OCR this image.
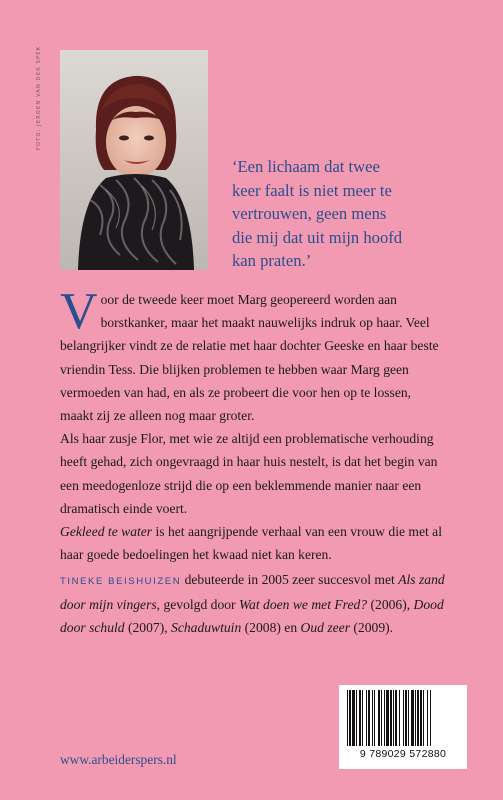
FOTO: JEROEN VAN DER SPEK
‘Een lichaam dat twee
keer faalt is niet meer te
vertrouwen, geen mens
die mij dat uit mijn hoofd
kan praten.’

Voor de tweede keer moet Marg geopereerd worden aan borstkanker, maar het maakt nauwelijks indruk op haar. Veel belangrijker vindt ze de relatie met haar dochter Geeske en haar beste vriendin Tess. Die blijken problemen te hebben waar Marg geen vermoeden van had, en als ze probeert die voor hen op te lossen, maakt zij ze alleen nog maar groter.

Als haar zusje Flor, met wie ze altijd een problematische verhouding heeft gehad, zich ongevraagd in haar huis nestelt, is dat het begin van een meedogenloze strijd die op een beklemmende manier naar een dramatisch einde voert.

Gekleed te water is het aangrijpende verhaal van een vrouw die met al haar goede bedoelingen het kwaad niet kan keren.

TINEKE BEISHUIZEN debuteerde in 2005 zeer succesvol met Als zand door mijn vingers, gevolgd door Wat doen we met Fred? (2006), Dood door schuld (2007), Schaduwtuin (2008) en Oud zeer (2009).

9 789029 572880
www.arbeiderspers.nl
